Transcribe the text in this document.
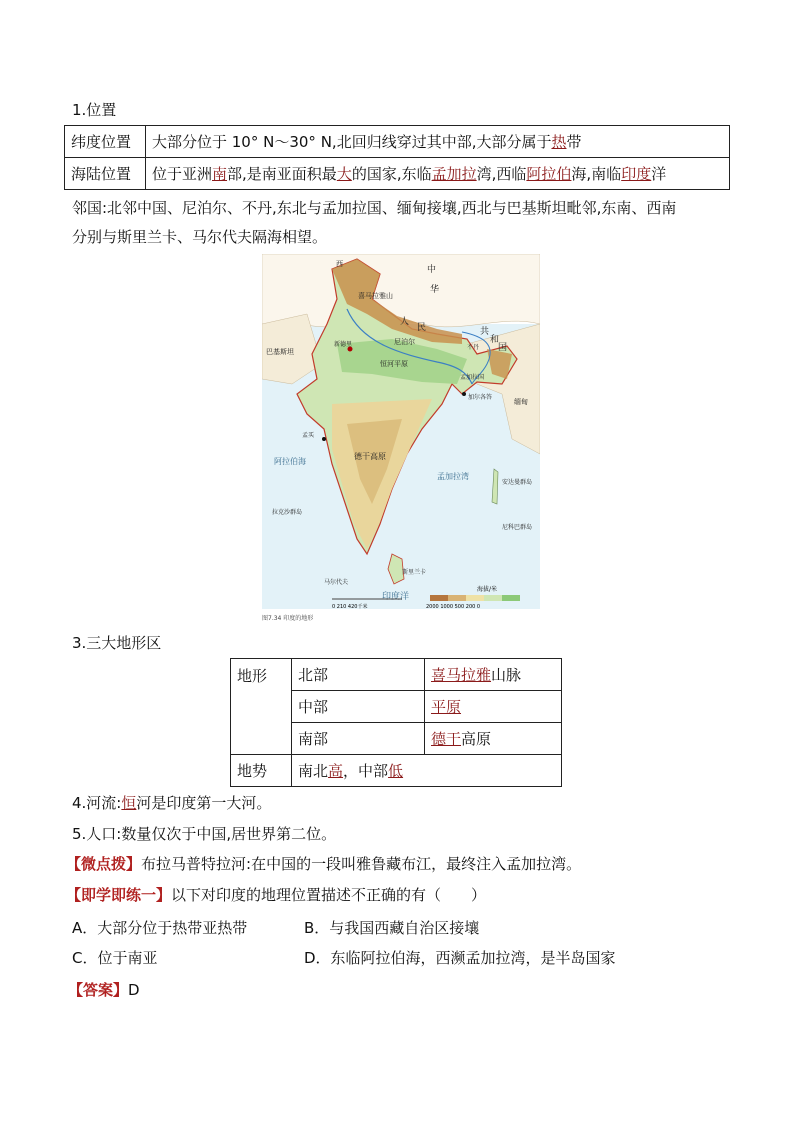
1.位置
纬度位置	大部分位于 10° N～30° N,北回归线穿过其中部,大部分属于热带
海陆位置	位于亚洲南部,是南亚面积最大的国家,东临孟加拉湾,西临阿拉伯海,南临印度洋
邻国:北邻中国、尼泊尔、不丹,东北与孟加拉国、缅甸接壤,西北与巴基斯坦毗邻,东南、西南
分别与斯里兰卡、马尔代夫隔海相望。
中
华
人
民	共
和
国
西
巴基斯坦
尼泊尔
不丹
孟加拉国
缅甸
阿拉伯海
孟加拉湾
印度洋
斯里兰卡
马尔代夫
德干高原
恒河平原
喜马拉雅山
新德里
孟买
加尔各答
安达曼群岛
尼科巴群岛
拉克沙群岛
海拔/米
2000 1000 500 200 0
0 210 420千米
图7.34 印度的地形
3.三大地形区
地形	北部	喜马拉雅山脉
	中部	平原
	南部	德干高原
地势	南北高，中部低	
4.河流:恒河是印度第一大河。
5.人口:数量仅次于中国,居世界第二位。
【微点拨】布拉马普特拉河:在中国的一段叫雅鲁藏布江，最终注入孟加拉湾。
【即学即练一】以下对印度的地理位置描述不正确的有（　　）
A．大部分位于热带亚热带	B．与我国西藏自治区接壤
C．位于南亚	D．东临阿拉伯海，西濒孟加拉湾，是半岛国家
【答案】D
